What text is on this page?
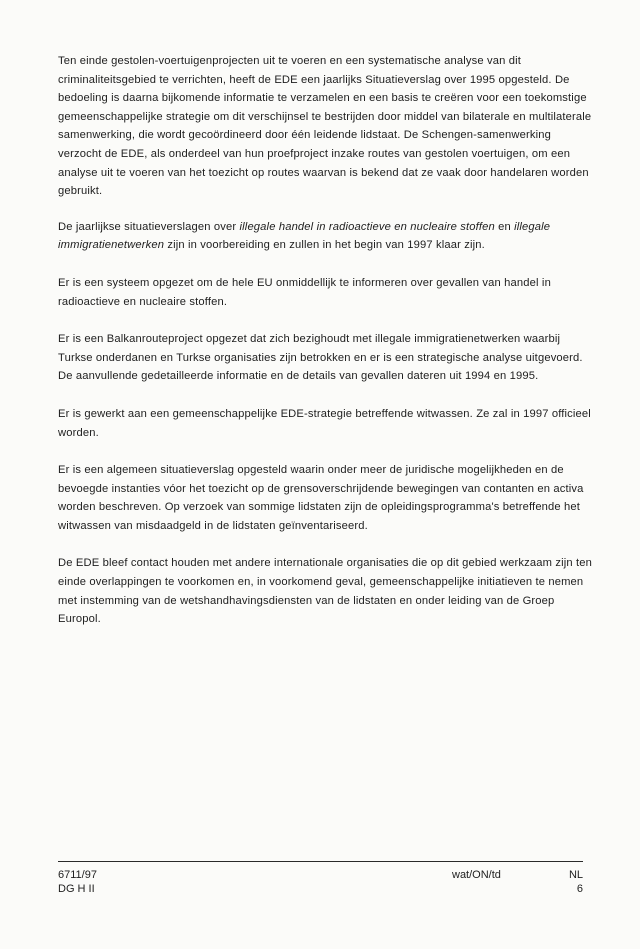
Ten einde gestolen-voertuigenprojecten uit te voeren en een systematische analyse van dit criminaliteitsgebied te verrichten, heeft de EDE een jaarlijks Situatieverslag over 1995 opgesteld. De bedoeling is daarna bijkomende informatie te verzamelen en een basis te creëren voor een toekomstige gemeenschappelijke strategie om dit verschijnsel te bestrijden door middel van bilaterale en multilaterale samenwerking, die wordt gecoördineerd door één leidende lidstaat. De Schengen-samenwerking verzocht de EDE, als onderdeel van hun proefproject inzake routes van gestolen voertuigen, om een analyse uit te voeren van het toezicht op routes waarvan is bekend dat ze vaak door handelaren worden gebruikt.

De jaarlijkse situatieverslagen over illegale handel in radioactieve en nucleaire stoffen en illegale immigratienetwerken zijn in voorbereiding en zullen in het begin van 1997 klaar zijn.

Er is een systeem opgezet om de hele EU onmiddellijk te informeren over gevallen van handel in radioactieve en nucleaire stoffen.

Er is een Balkanrouteproject opgezet dat zich bezighoudt met illegale immigratienetwerken waarbij Turkse onderdanen en Turkse organisaties zijn betrokken en er is een strategische analyse uitgevoerd. De aanvullende gedetailleerde informatie en de details van gevallen dateren uit 1994 en 1995.

Er is gewerkt aan een gemeenschappelijke EDE-strategie betreffende witwassen. Ze zal in 1997 officieel worden.

Er is een algemeen situatieverslag opgesteld waarin onder meer de juridische mogelijkheden en de bevoegde instanties vóor het toezicht op de grensoverschrijdende bewegingen van contanten en activa worden beschreven. Op verzoek van sommige lidstaten zijn de opleidingsprogramma's betreffende het witwassen van misdaadgeld in de lidstaten geïnventariseerd.

De EDE bleef contact houden met andere internationale organisaties die op dit gebied werkzaam zijn ten einde overlappingen te voorkomen en, in voorkomend geval, gemeenschappelijke initiatieven te nemen met instemming van de wetshandhavingsdiensten van de lidstaten en onder leiding van de Groep Europol.

6711/97
DG H II
wat/ON/td	NL
6
